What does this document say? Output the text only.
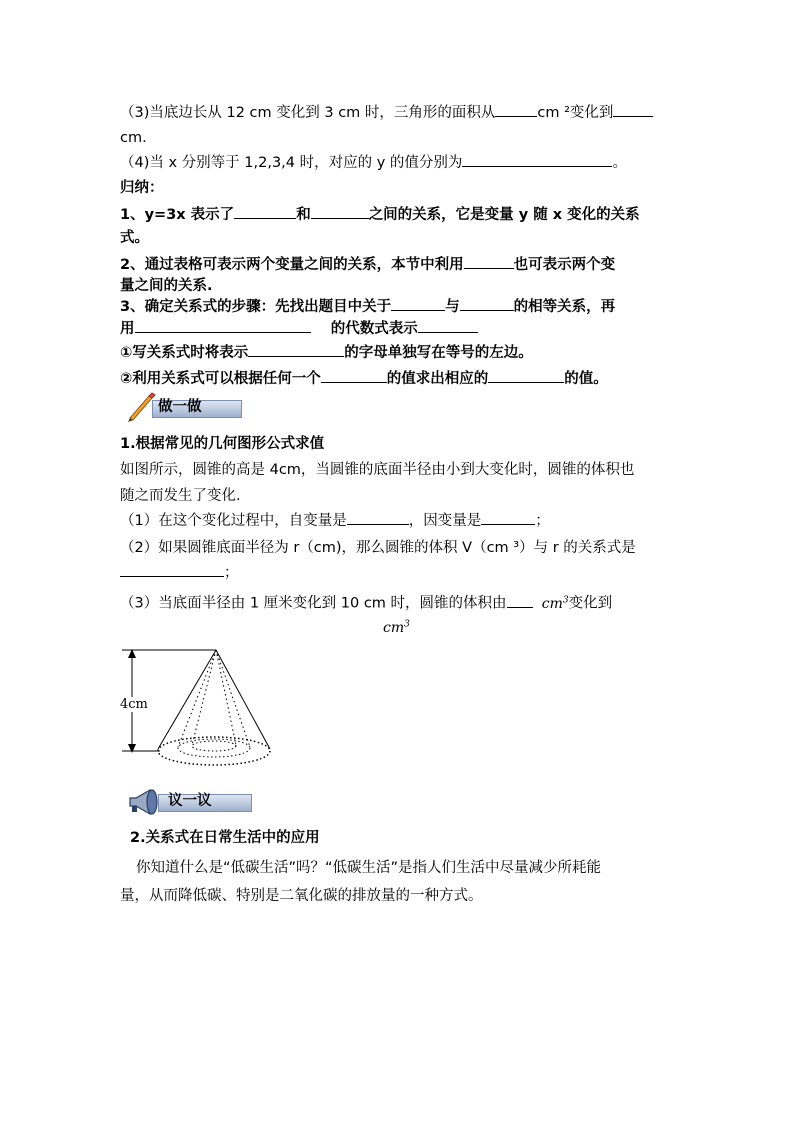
（3)当底边长从 12 cm 变化到 3 cm 时，三角形的面积从	cm ²变化到
cm.
（4)当 x 分别等于 1,2,3,4 时，对应的 y 的值分别为	。
归纳：
1、y=3x 表示了	和	之间的关系，它是变量 y 随 x 变化的关系
式。
2、通过表格可表示两个变量之间的关系，本节中利用	也可表示两个变
量之间的关系.
3、确定关系式的步骤：先找出题目中关于	与	的相等关系，再
用	的代数式表示
①写关系式时将表示	的字母单独写在等号的左边。
②利用关系式可以根据任何一个	的值求出相应的	的值。
做一做
1.根据常见的几何图形公式求值
如图所示，圆锥的高是 4cm，当圆锥的底面半径由小到大变化时，圆锥的体积也
随之而发生了变化.
（1）在这个变化过程中，自变量是	，因变量是	；
（2）如果圆锥底面半径为 r（cm)，那么圆锥的体积 V（cm ³）与 r 的关系式是
；
（3）当底面半径由 1 厘米变化到 10 cm 时，圆锥的体积由	$cm^3$变化到
$cm^3$
4cm
议一议
2.关系式在日常生活中的应用
你知道什么是“低碳生活”吗？“低碳生活”是指人们生活中尽量减少所耗能
量，从而降低碳、特别是二氧化碳的排放量的一种方式。
